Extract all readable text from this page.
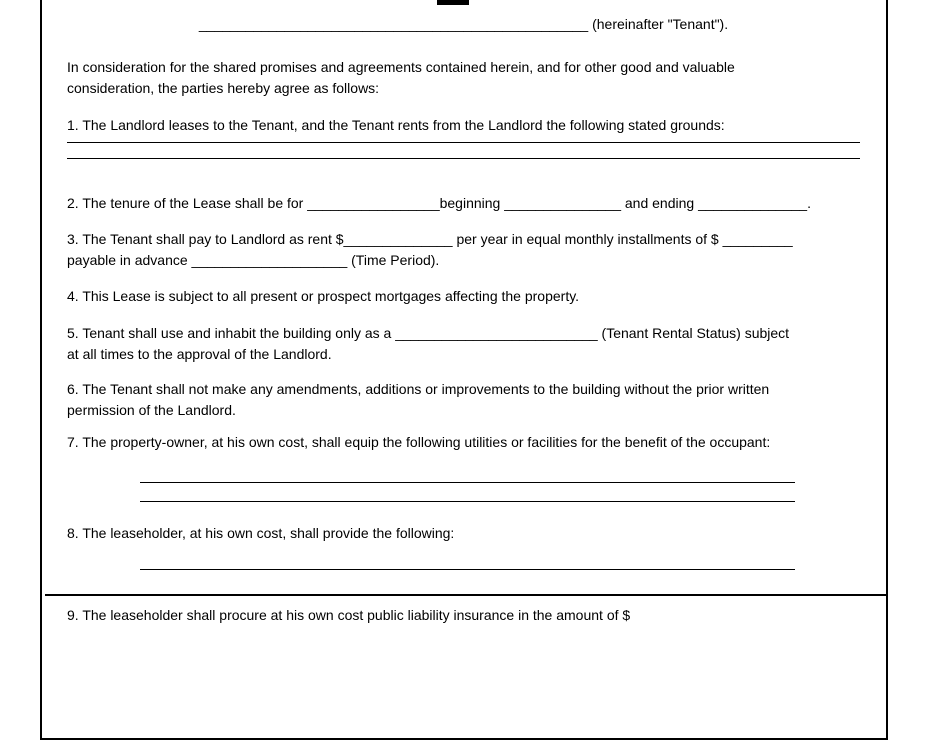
__________________________________________________ (hereinafter "Tenant").
In consideration for the shared promises and agreements contained herein, and for other good and valuable
consideration, the parties hereby agree as follows:
1. The Landlord leases to the Tenant, and the Tenant rents from the Landlord the following stated grounds:
2. The tenure of the Lease shall be for _________________beginning _______________ and ending ______________.
3. The Tenant shall pay to Landlord as rent $______________ per year in equal monthly installments of $ _________
payable in advance ____________________ (Time Period).
4. This Lease is subject to all present or prospect mortgages affecting the property.
5. Tenant shall use and inhabit the building only as a __________________________ (Tenant Rental Status) subject
at all times to the approval of the Landlord.
6. The Tenant shall not make any amendments, additions or improvements to the building without the prior written
permission of the Landlord.
7. The property-owner, at his own cost, shall equip the following utilities or facilities for the benefit of the occupant:
8. The leaseholder, at his own cost, shall provide the following:
9. The leaseholder shall procure at his own cost public liability insurance in the amount of $
